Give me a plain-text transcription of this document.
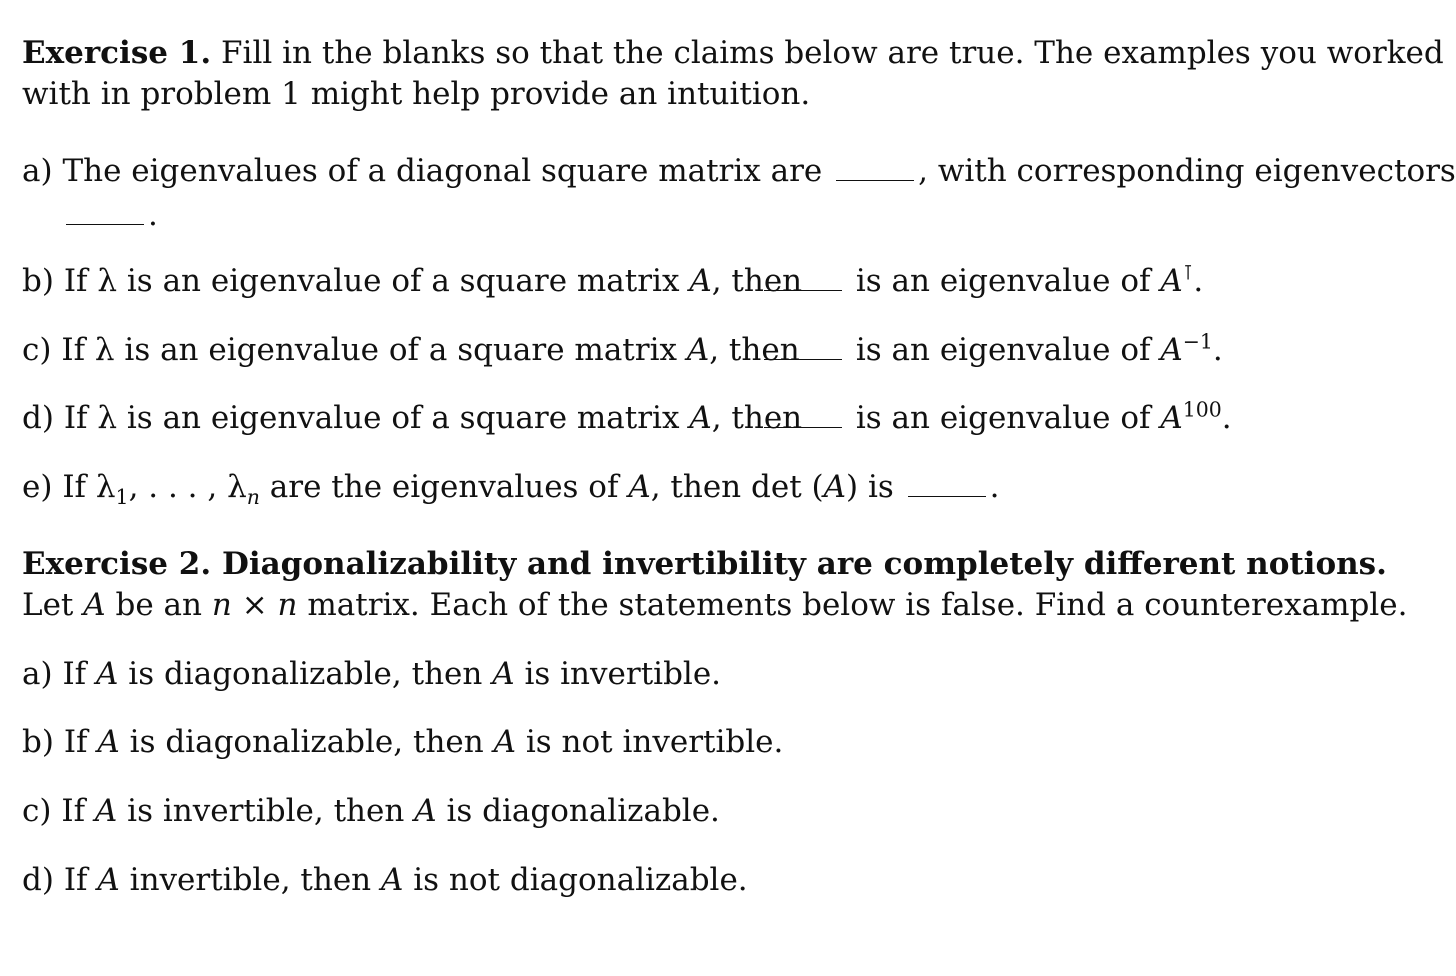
Exercise 1. Fill in the blanks so that the claims below are true. The examples you worked
with in problem 1 might help provide an intuition.
a) The eigenvalues of a diagonal square matrix are	, with corresponding eigenvectors
.
b) If λ is an eigenvalue of a square matrix A, then	is an eigenvalue of A⊺.
c) If λ is an eigenvalue of a square matrix A, then	is an eigenvalue of $A^{-1}$.
d) If λ is an eigenvalue of a square matrix A, then	is an eigenvalue of $A^{100}$.
e) If $\lambda_1$, . . . , $\lambda_n$ are the eigenvalues of A, then det (A) is	.
Exercise 2. Diagonalizability and invertibility are completely different notions.
Let A be an n × n matrix. Each of the statements below is false. Find a counterexample.
a) If A is diagonalizable, then A is invertible.
b) If A is diagonalizable, then A is not invertible.
c) If A is invertible, then A is diagonalizable.
d) If A invertible, then A is not diagonalizable.
